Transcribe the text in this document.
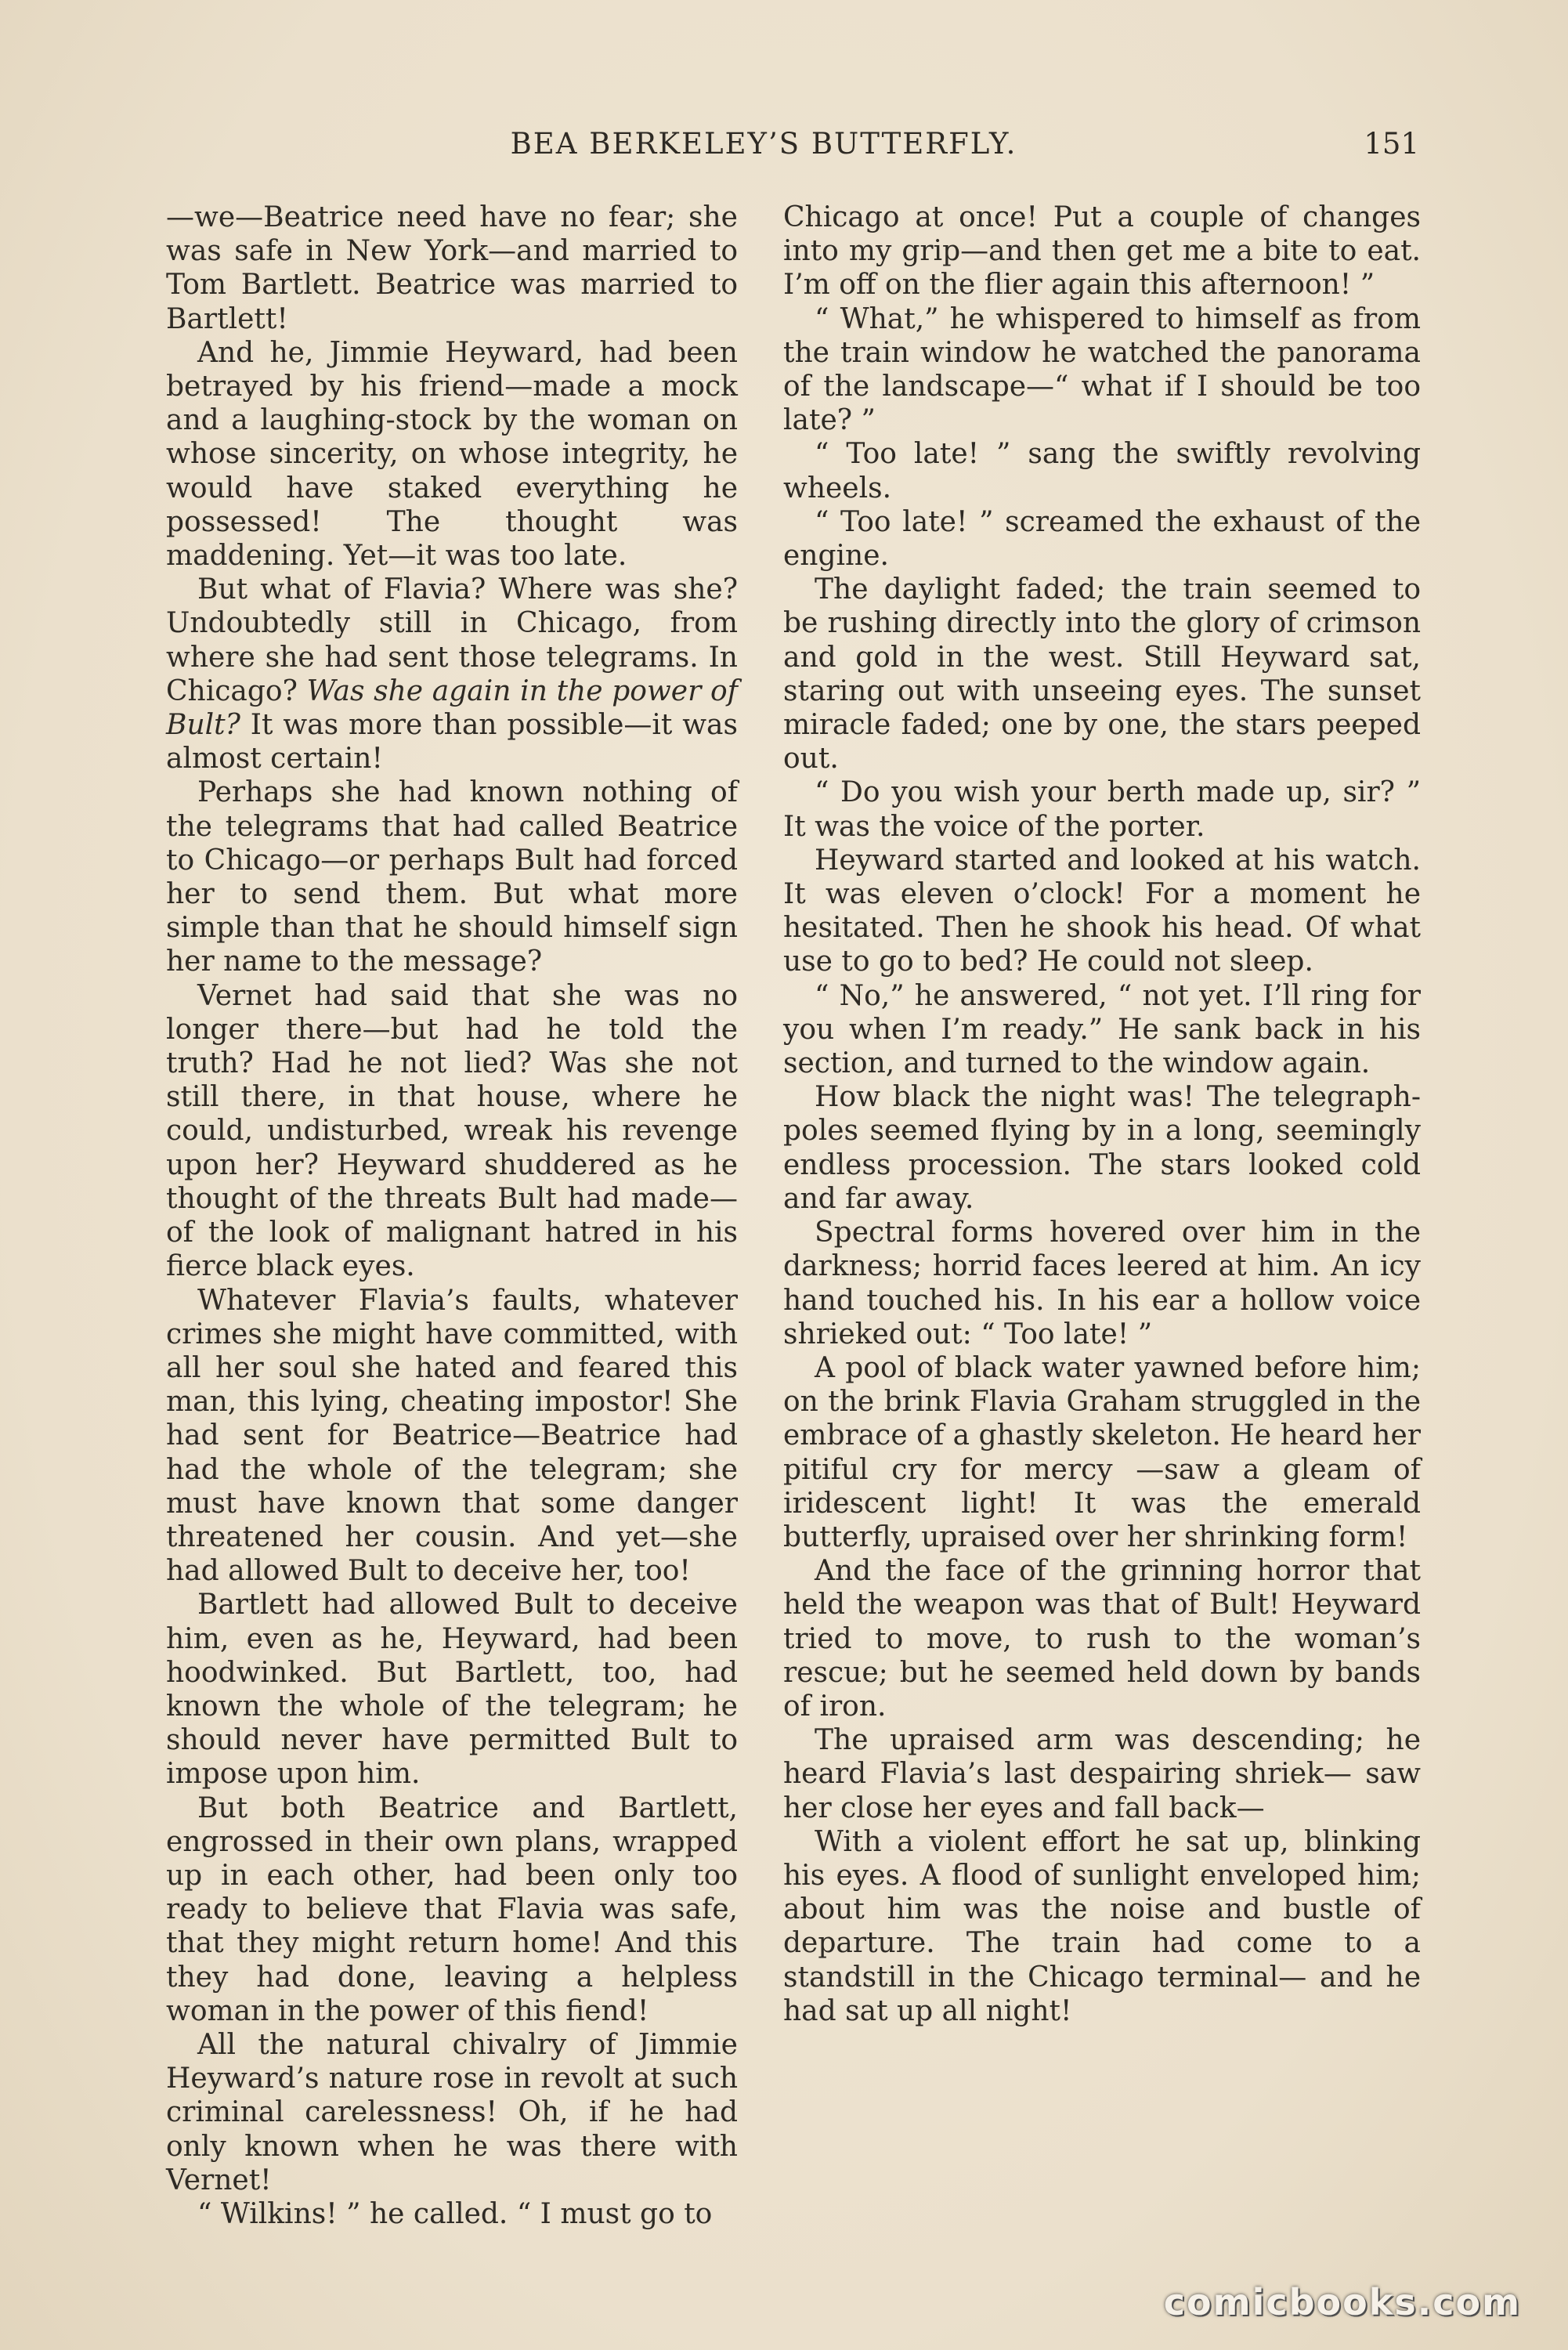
BEA BERKELEY’S BUTTERFLY.	151

—we—Beatrice need have no fear; she was safe in New York—and married to Tom Bartlett. Beatrice was married to Bartlett!

And he, Jimmie Heyward, had been betrayed by his friend—made a mock and a laughing-stock by the woman on whose sincerity, on whose integrity, he would have staked everything he possessed! The thought was maddening. Yet—it was too late.

But what of Flavia? Where was she? Undoubtedly still in Chicago, from where she had sent those telegrams. In Chicago? Was she again in the power of Bult? It was more than possible—it was almost certain!

Perhaps she had known nothing of the telegrams that had called Beatrice to Chicago—or perhaps Bult had forced her to send them. But what more simple than that he should himself sign her name to the message?

Vernet had said that she was no longer there—but had he told the truth? Had he not lied? Was she not still there, in that house, where he could, undisturbed, wreak his revenge upon her? Heyward shuddered as he thought of the threats Bult had made—of the look of malignant hatred in his fierce black eyes.

Whatever Flavia’s faults, whatever crimes she might have committed, with all her soul she hated and feared this man, this lying, cheating impostor! She had sent for Beatrice—Beatrice had had the whole of the telegram; she must have known that some danger threatened her cousin. And yet—she had allowed Bult to deceive her, too!

Bartlett had allowed Bult to deceive him, even as he, Heyward, had been hoodwinked. But Bartlett, too, had known the whole of the telegram; he should never have permitted Bult to impose upon him.

But both Beatrice and Bartlett, engrossed in their own plans, wrapped up in each other, had been only too ready to believe that Flavia was safe, that they might return home! And this they had done, leaving a helpless woman in the power of this fiend!

All the natural chivalry of Jimmie Heyward’s nature rose in revolt at such criminal carelessness! Oh, if he had only known when he was there with Vernet!

“ Wilkins! ” he called. “ I must go to

Chicago at once! Put a couple of changes into my grip—and then get me a bite to eat. I’m off on the flier again this afternoon! ”

“ What,” he whispered to himself as from the train window he watched the panorama of the landscape—“ what if I should be too late? ”

“ Too late! ” sang the swiftly revolving wheels.

“ Too late! ” screamed the exhaust of the engine.

The daylight faded; the train seemed to be rushing directly into the glory of crimson and gold in the west. Still Heyward sat, staring out with unseeing eyes. The sunset miracle faded; one by one, the stars peeped out.

“ Do you wish your berth made up, sir? ” It was the voice of the porter.

Heyward started and looked at his watch. It was eleven o’clock! For a moment he hesitated. Then he shook his head. Of what use to go to bed? He could not sleep.

“ No,” he answered, “ not yet. I’ll ring for you when I’m ready.” He sank back in his section, and turned to the window again.

How black the night was! The telegraph-poles seemed flying by in a long, seemingly endless procession. The stars looked cold and far away.

Spectral forms hovered over him in the darkness; horrid faces leered at him. An icy hand touched his. In his ear a hollow voice shrieked out: “ Too late! ”

A pool of black water yawned before him; on the brink Flavia Graham struggled in the embrace of a ghastly skeleton. He heard her pitiful cry for mercy —saw a gleam of iridescent light! It was the emerald butterfly, upraised over her shrinking form!

And the face of the grinning horror that held the weapon was that of Bult! Heyward tried to move, to rush to the woman’s rescue; but he seemed held down by bands of iron.

The upraised arm was descending; he heard Flavia’s last despairing shriek— saw her close her eyes and fall back—

With a violent effort he sat up, blinking his eyes. A flood of sunlight enveloped him; about him was the noise and bustle of departure. The train had come to a standstill in the Chicago terminal— and he had sat up all night!

comicbooks.com
